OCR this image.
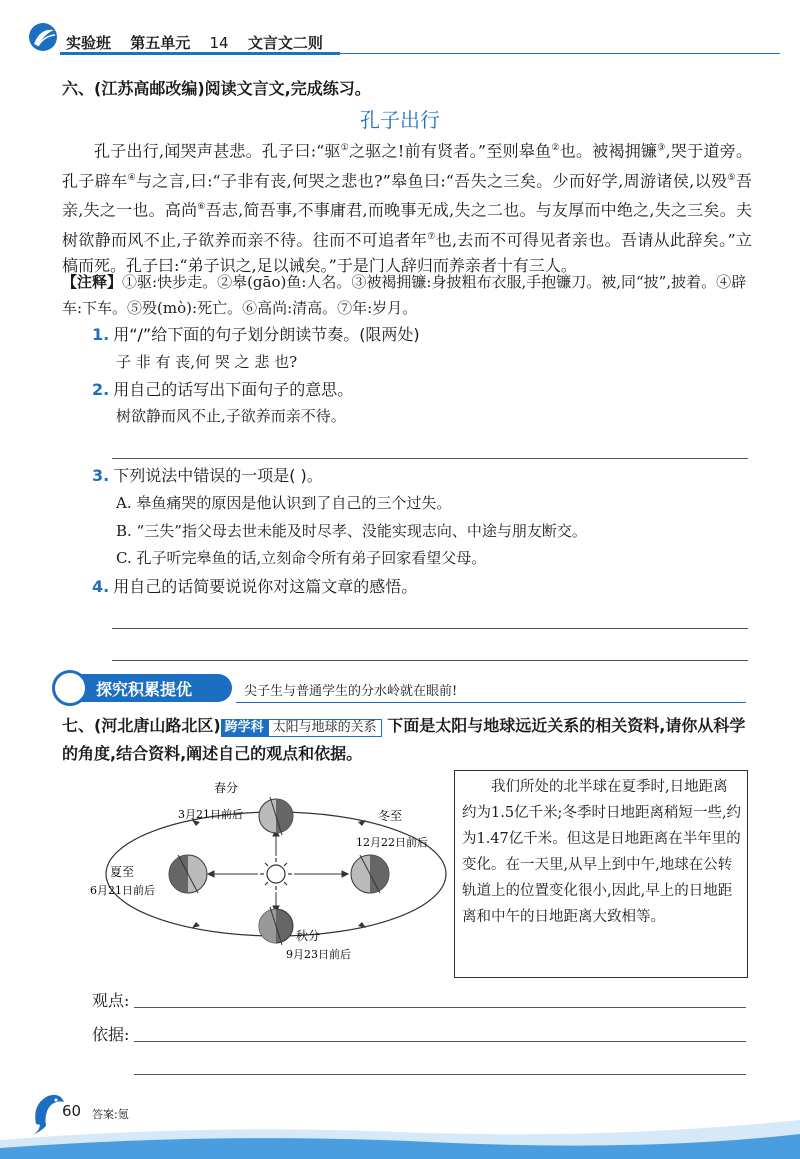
实验班 第五单元 14 文言文二则
六、(江苏高邮改编)阅读文言文,完成练习。
孔子出行
孔子出行,闻哭声甚悲。孔子曰:“驱①之驱之!前有贤者。”至则皋鱼②也。被褐拥镰③,哭于道旁。孔子辟车④与之言,曰:“子非有丧,何哭之悲也?”皋鱼曰:“吾失之三矣。少而好学,周游诸侯,以殁⑤吾亲,失之一也。高尚⑥吾志,简吾事,不事庸君,而晚事无成,失之二也。与友厚而中绝之,失之三矣。夫树欲静而风不止,子欲养而亲不待。往而不可追者年⑦也,去而不可得见者亲也。吾请从此辞矣。”立槁而死。孔子曰:“弟子识之,足以诫矣。”于是门人辞归而养亲者十有三人。
【注释】①驱:快步走。②皋(gāo)鱼:人名。③被褐拥镰:身披粗布衣服,手抱镰刀。被,同“披”,披着。④辟车:下车。⑤殁(mò):死亡。⑥高尚:清高。⑦年:岁月。
1. 用“/”给下面的句子划分朗读节奏。(限两处)
子 非 有 丧,何 哭 之 悲 也?
2. 用自己的话写出下面句子的意思。
树欲静而风不止,子欲养而亲不待。
3. 下列说法中错误的一项是( )。
A. 皋鱼痛哭的原因是他认识到了自己的三个过失。
B. “三失”指父母去世未能及时尽孝、没能实现志向、中途与朋友断交。
C. 孔子听完皋鱼的话,立刻命令所有弟子回家看望父母。
4. 用自己的话简要说说你对这篇文章的感悟。
探究积累提优	尖子生与普通学生的分水岭就在眼前!
七、(河北唐山路北区) 跨学科 太阳与地球的关系 下面是太阳与地球远近关系的相关资料,请你从科学的角度,结合资料,阐述自己的观点和依据。
春分
3月21日前后	冬至
12月22日前后
夏至
6月21日前后
秋分
9月23日前后
我们所处的北半球在夏季时,日地距离约为1.5亿千米;冬季时日地距离稍短一些,约为1.47亿千米。但这是日地距离在半年里的变化。在一天里,从早上到中午,地球在公转轨道上的位置变化很小,因此,早上的日地距离和中午的日地距离大致相等。
观点:
依据:
60 答案:氪
